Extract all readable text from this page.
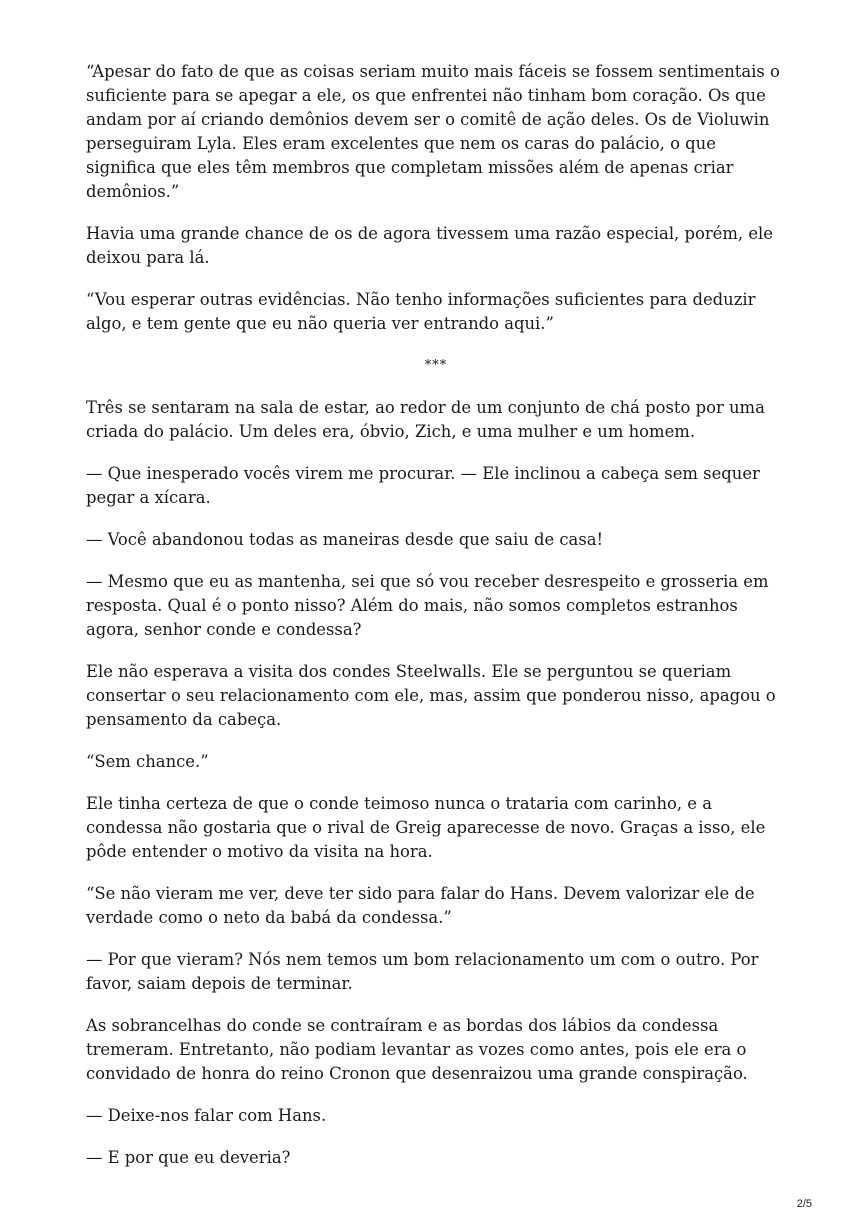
“Apesar do fato de que as coisas seriam muito mais fáceis se fossem sentimentais o suficiente para se apegar a ele, os que enfrentei não tinham bom coração. Os que andam por aí criando demônios devem ser o comitê de ação deles. Os de Violuwin perseguiram Lyla. Eles eram excelentes que nem os caras do palácio, o que significa que eles têm membros que completam missões além de apenas criar demônios.”

Havia uma grande chance de os de agora tivessem uma razão especial, porém, ele deixou para lá.

“Vou esperar outras evidências. Não tenho informações suficientes para deduzir algo, e tem gente que eu não queria ver entrando aqui.”

***

Três se sentaram na sala de estar, ao redor de um conjunto de chá posto por uma criada do palácio. Um deles era, óbvio, Zich, e uma mulher e um homem.

— Que inesperado vocês virem me procurar. — Ele inclinou a cabeça sem sequer pegar a xícara.

— Você abandonou todas as maneiras desde que saiu de casa!

— Mesmo que eu as mantenha, sei que só vou receber desrespeito e grosseria em resposta. Qual é o ponto nisso? Além do mais, não somos completos estranhos agora, senhor conde e condessa?

Ele não esperava a visita dos condes Steelwalls. Ele se perguntou se queriam consertar o seu relacionamento com ele, mas, assim que ponderou nisso, apagou o pensamento da cabeça.

“Sem chance.”

Ele tinha certeza de que o conde teimoso nunca o trataria com carinho, e a condessa não gostaria que o rival de Greig aparecesse de novo. Graças a isso, ele pôde entender o motivo da visita na hora.

“Se não vieram me ver, deve ter sido para falar do Hans. Devem valorizar ele de verdade como o neto da babá da condessa.”

— Por que vieram? Nós nem temos um bom relacionamento um com o outro. Por favor, saiam depois de terminar.

As sobrancelhas do conde se contraíram e as bordas dos lábios da condessa tremeram. Entretanto, não podiam levantar as vozes como antes, pois ele era o convidado de honra do reino Cronon que desenraizou uma grande conspiração.

— Deixe-nos falar com Hans.

— E por que eu deveria?

2/5
